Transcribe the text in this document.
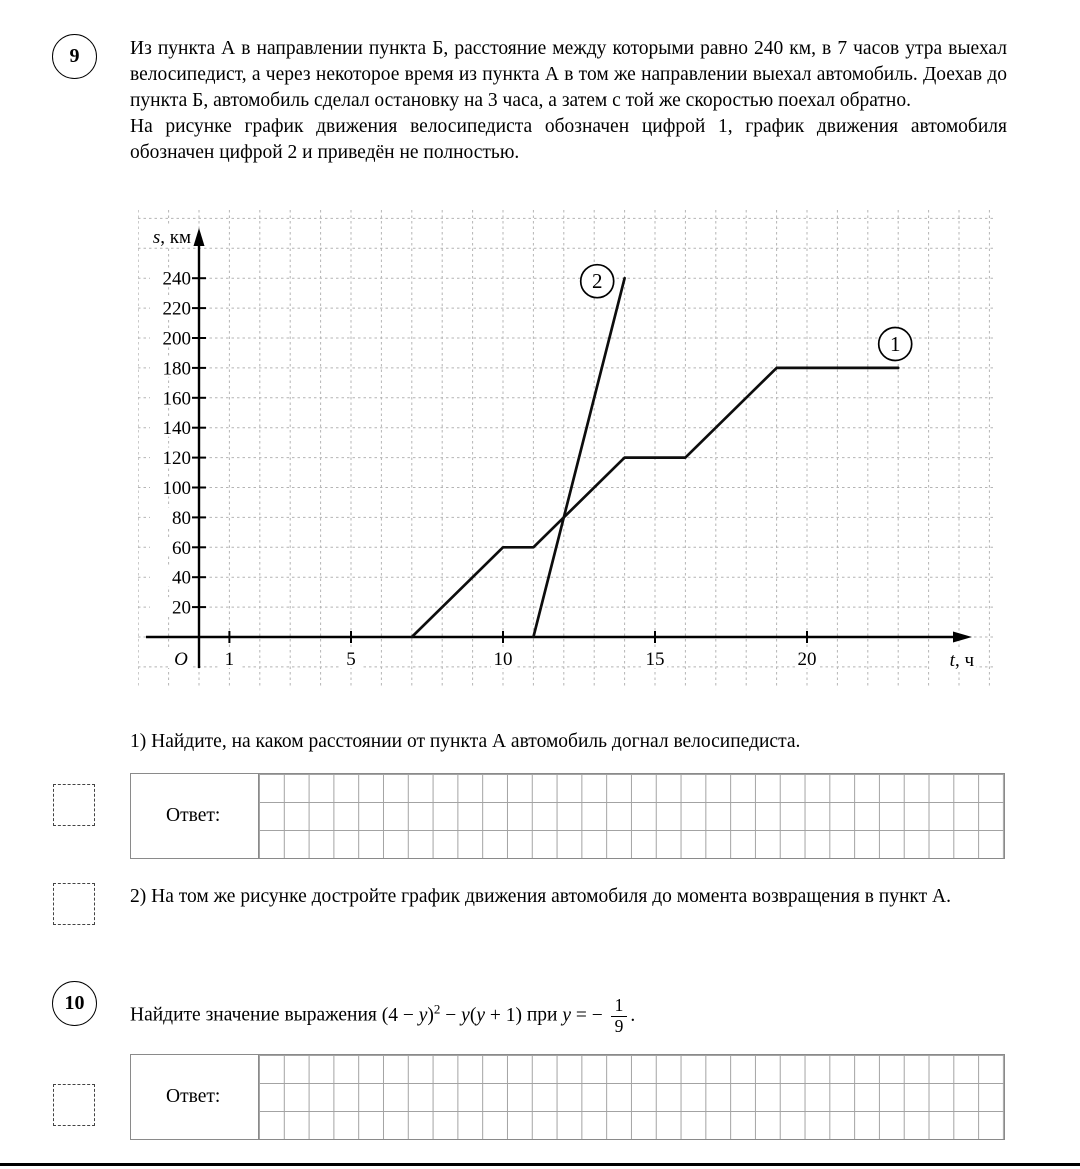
9	Из пункта А в направлении пункта Б, расстояние между которыми равно 240 км, в 7 часов утра выехал велосипедист, а через некоторое время из пункта А в том же направлении выехал автомобиль. Доехав до пункта Б, автомобиль сделал остановку на 3 часа, а затем с той же скоростью поехал обратно.

На рисунке график движения велосипедиста обозначен цифрой 1, график движения автомобиля обозначен цифрой 2 и приведён не полностью.

20
40
60
80
100
120
140
160
180
200
220
240
1	5	10	15	20
O
s, км
t, ч
2
1
1) Найдите, на каком расстоянии от пункта А автомобиль догнал велосипедиста.
Ответ:
2) На том же рисунке достройте график движения автомобиля до момента возвращения в пункт А.
10
Найдите значение выражения $(4 - y)^2 - y(y + 1)$ при y = − $\frac{1}{9}$ .
Ответ:
